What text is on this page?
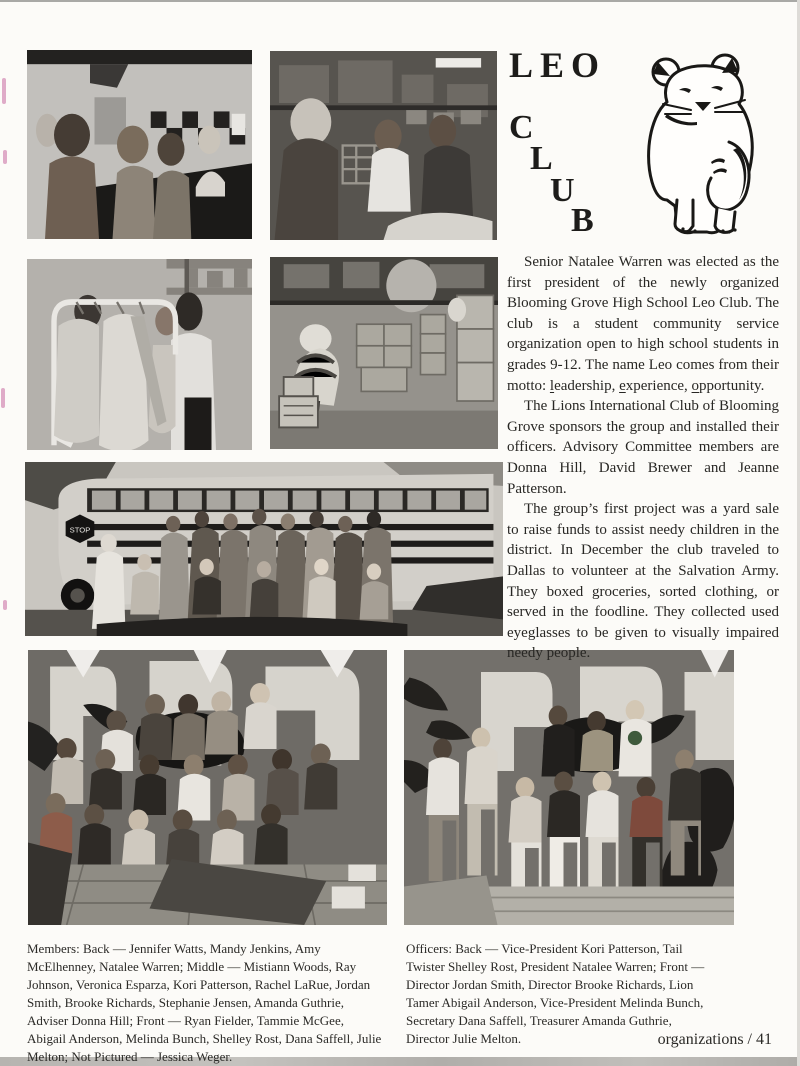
STOP
LEO
C
L
U
B

Senior Natalee Warren was elected as the first president of the newly organized Blooming Grove High School Leo Club. The club is a student community service organization open to high school students in grades 9-12. The name Leo comes from their motto: leadership, experience, opportunity.

The Lions International Club of Blooming Grove sponsors the group and installed their officers. Advisory Committee members are Donna Hill, David Brewer and Jeanne Patterson.

The group’s first project was a yard sale to raise funds to assist needy children in the district. In December the club traveled to Dallas to volunteer at the Salvation Army. They boxed groceries, sorted clothing, or served in the foodline. They collected used eyeglasses to be given to visually impaired needy people.

Members: Back — Jennifer Watts, Mandy Jenkins, Amy McElhenney, Natalee Warren; Middle — Mistiann Woods, Ray Johnson, Veronica Esparza, Kori Patterson, Rachel LaRue, Jordan Smith, Brooke Richards, Stephanie Jensen, Amanda Guthrie, Adviser Donna Hill; Front — Ryan Fielder, Tammie McGee, Abigail Anderson, Melinda Bunch, Shelley Rost, Dana Saffell, Julie Melton; Not Pictured — Jessica Weger.
Officers: Back — Vice-President Kori Patterson, Tail Twister Shelley Rost, President Natalee Warren; Front — Director Jordan Smith, Director Brooke Richards, Lion Tamer Abigail Anderson, Vice-President Melinda Bunch, Secretary Dana Saffell, Treasurer Amanda Guthrie, Director Julie Melton.	organizations / 41
